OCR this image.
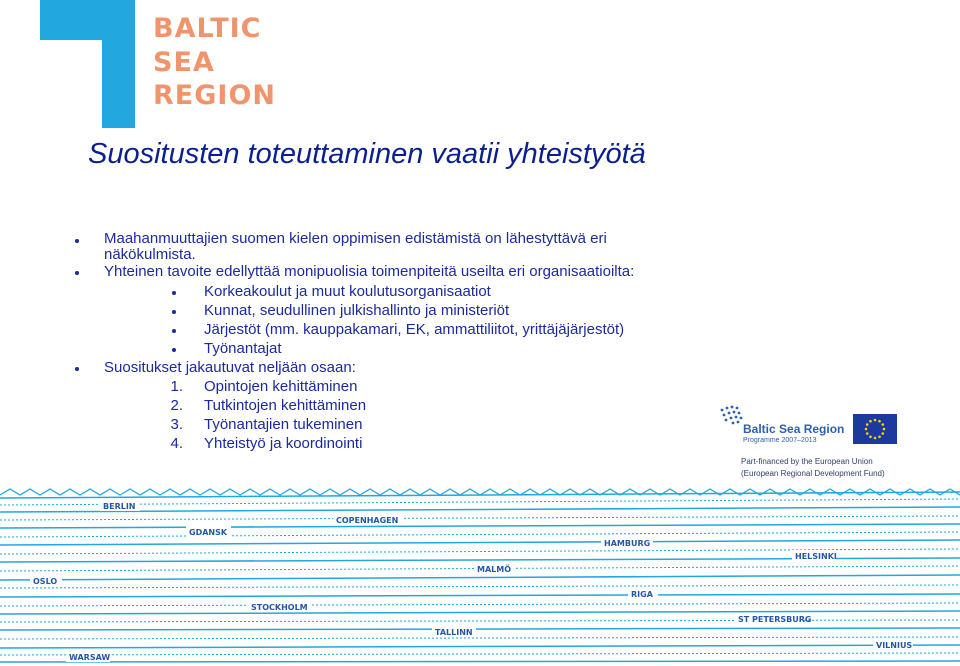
BALTIC
SEA
REGION
Suositusten toteuttaminen vaatii yhteistyötä
Maahanmuuttajien suomen kielen oppimisen edistämistä on lähestyttävä eri
näkökulmista.
Yhteinen tavoite edellyttää monipuolisia toimenpiteitä useilta eri organisaatioilta:
Korkeakoulut ja muut koulutusorganisaatiot
Kunnat, seudullinen julkishallinto ja ministeriöt
Järjestöt (mm. kauppakamari, EK, ammattiliitot, yrittäjäjärjestöt)
Työnantajat
Suositukset jakautuvat neljään osaan:
1. Opintojen kehittäminen
2. Tutkintojen kehittäminen
3. Työnantajien tukeminen
4. Yhteistyö ja koordinointi
Baltic Sea Region
Programme 2007–2013
Part-financed by the European Union
(European Regional Development Fund)
BERLIN
GDANSK
COPENHAGEN
HAMBURG
HELSINKI
OSLO
MALMÖ
RIGA
STOCKHOLM
ST PETERSBURG
TALLINN
WARSAW
VILNIUS
